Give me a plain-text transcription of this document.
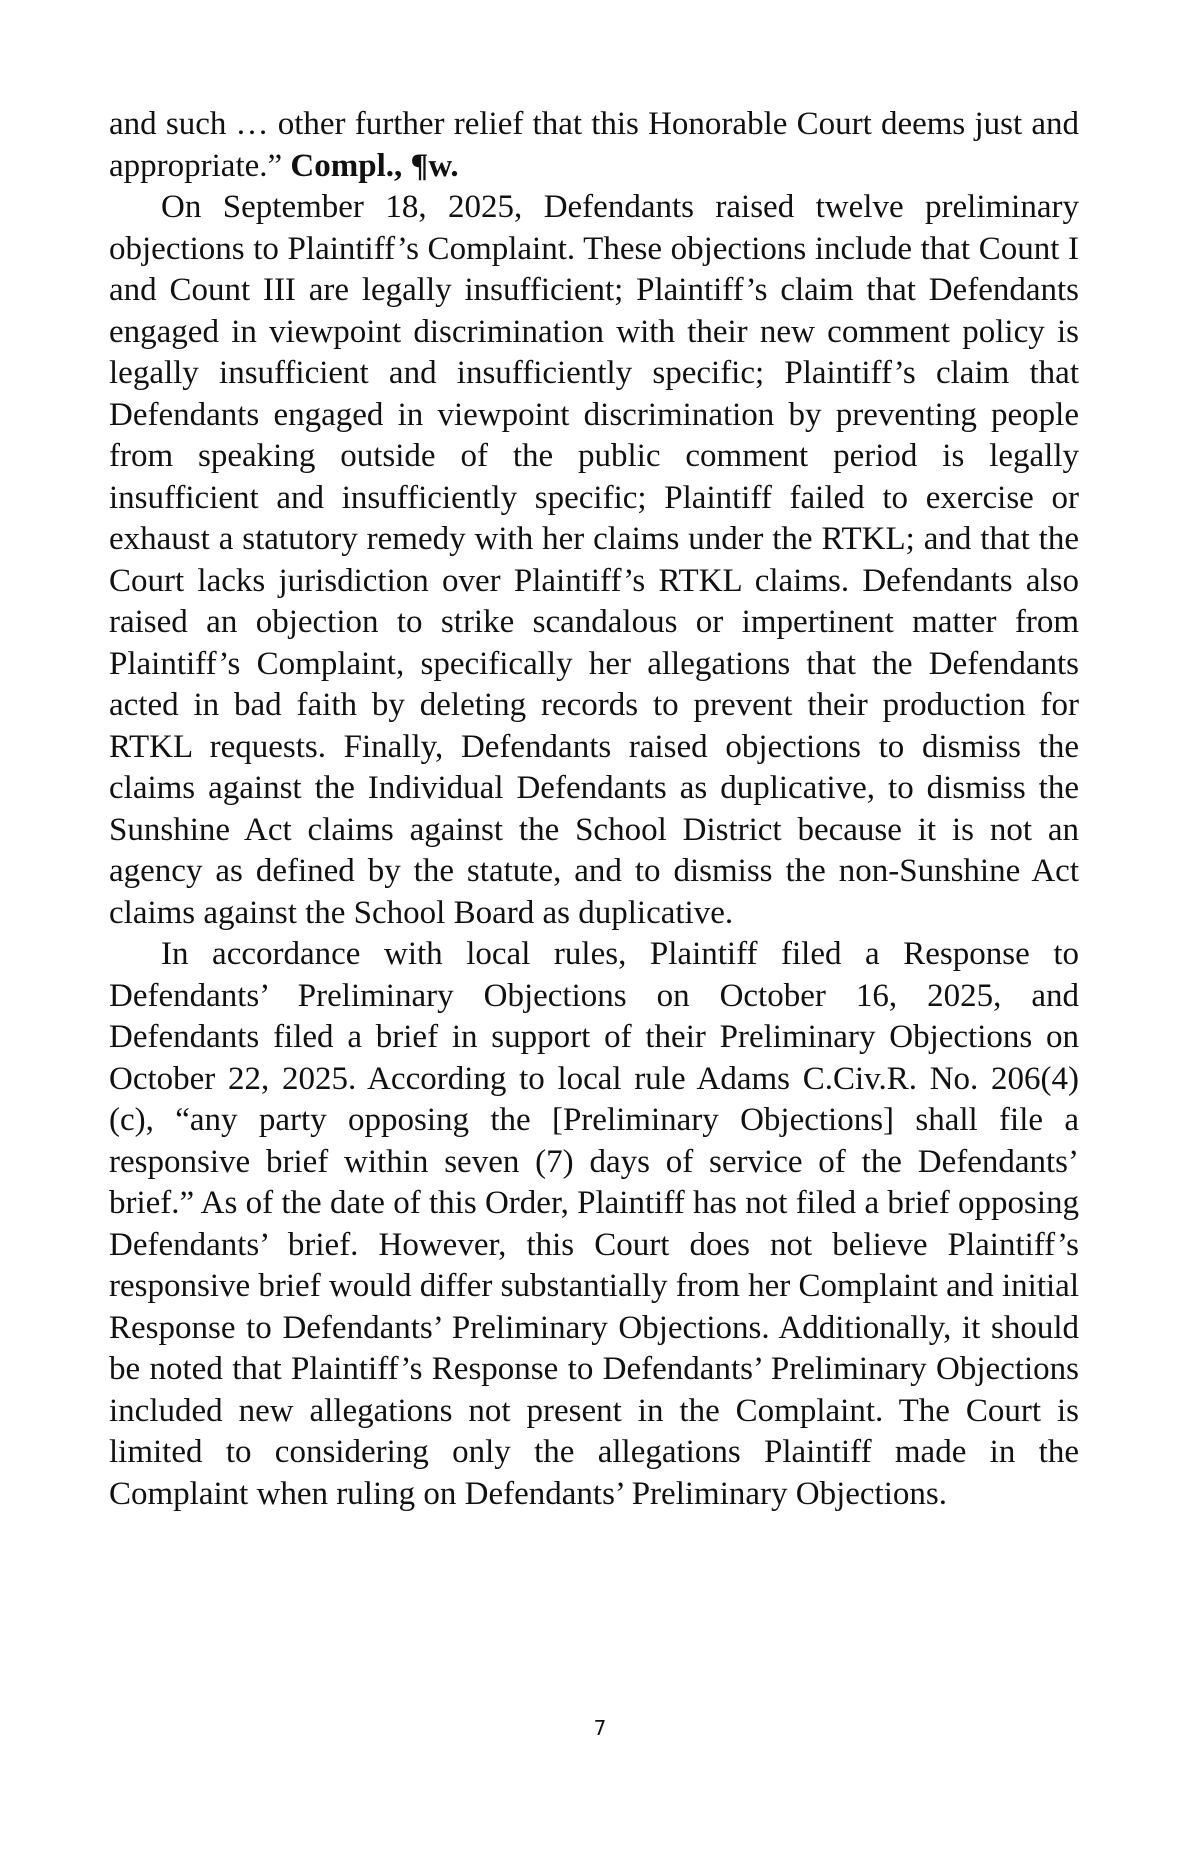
and such … other further relief that this Honorable Court deems just and appropriate.” Compl., ¶w.

On September 18, 2025, Defendants raised twelve preliminary objections to Plaintiff’s Complaint. These objections include that Count I and Count III are legally insufficient; Plaintiff’s claim that Defendants engaged in viewpoint discrimination with their new comment policy is legally insufficient and insufficiently specific; Plaintiff’s claim that Defendants engaged in viewpoint discrimination by preventing people from speaking outside of the public comment period is legally insufficient and insufficiently specific; Plaintiff failed to exercise or exhaust a statutory remedy with her claims under the RTKL; and that the Court lacks jurisdiction over Plaintiff’s RTKL claims. Defendants also raised an objection to strike scandalous or impertinent matter from Plaintiff’s Complaint, specifically her allegations that the Defendants acted in bad faith by deleting records to prevent their production for RTKL requests. Finally, Defendants raised objections to dismiss the claims against the Individual Defendants as duplicative, to dismiss the Sunshine Act claims against the School District because it is not an agency as defined by the statute, and to dismiss the non-Sunshine Act claims against the School Board as duplicative.

In accordance with local rules, Plaintiff filed a Response to Defendants’ Preliminary Objections on October 16, 2025, and Defendants filed a brief in support of their Preliminary Objections on October 22, 2025. According to local rule Adams C.Civ.R. No. 206(4)(c), “any party opposing the [Preliminary Objections] shall file a responsive brief within seven (7) days of service of the Defendants’ brief.” As of the date of this Order, Plaintiff has not filed a brief opposing Defendants’ brief. However, this Court does not believe Plaintiff’s responsive brief would differ substantially from her Complaint and initial Response to Defendants’ Preliminary Objections. Additionally, it should be noted that Plaintiff’s Response to Defendants’ Preliminary Objections included new allegations not present in the Complaint. The Court is limited to considering only the allegations Plaintiff made in the Complaint when ruling on Defendants’ Preliminary Objections.

7
